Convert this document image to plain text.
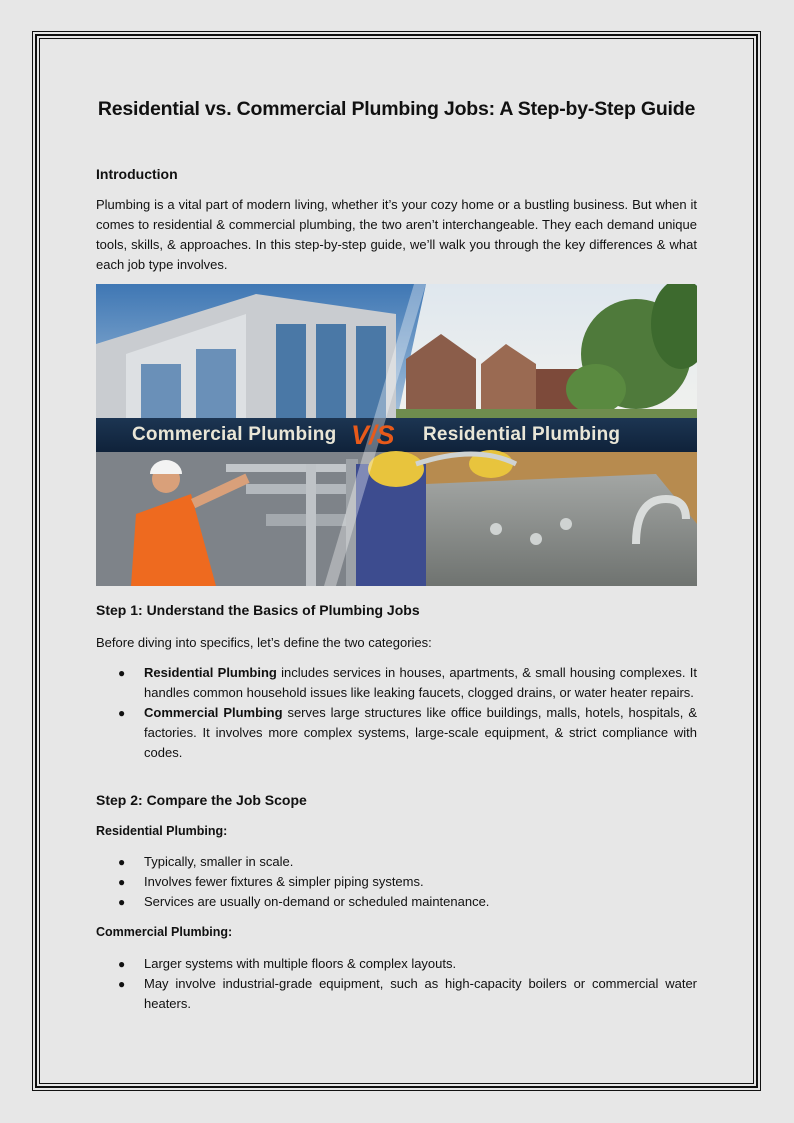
Residential vs. Commercial Plumbing Jobs: A Step-by-Step Guide
Introduction

Plumbing is a vital part of modern living, whether it’s your cozy home or a bustling business. But when it comes to residential & commercial plumbing, the two aren’t interchangeable. They each demand unique tools, skills, & approaches. In this step-by-step guide, we’ll walk you through the key differences & what each job type involves.

Commercial Plumbing V/S Residential Plumbing
Step 1: Understand the Basics of Plumbing Jobs

Before diving into specifics, let’s define the two categories:

● Residential Plumbing includes services in houses, apartments, & small housing complexes. It handles common household issues like leaking faucets, clogged drains, or water heater repairs.
● Commercial Plumbing serves large structures like office buildings, malls, hotels, hospitals, & factories. It involves more complex systems, large-scale equipment, & strict compliance with codes.
Step 2: Compare the Job Scope
Residential Plumbing:
● Typically, smaller in scale.
● Involves fewer fixtures & simpler piping systems.
● Services are usually on-demand or scheduled maintenance.
Commercial Plumbing:
● Larger systems with multiple floors & complex layouts.
● May involve industrial-grade equipment, such as high-capacity boilers or commercial water heaters.
